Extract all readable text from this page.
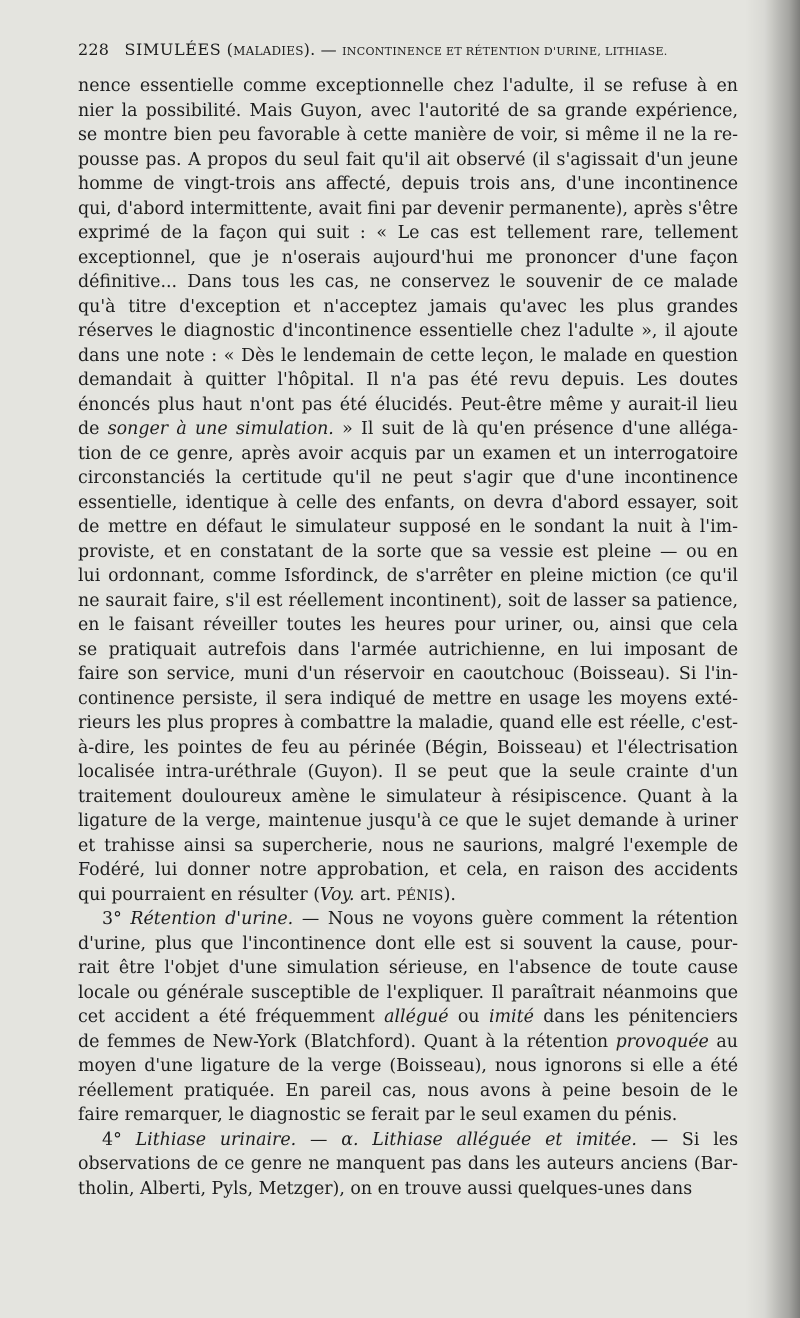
228 SIMULÉES (MALADIES). — INCONTINENCE ET RÉTENTION D'URINE, LITHIASE.
nence essentielle comme exceptionnelle chez l'adulte, il se refuse à en
nier la possibilité. Mais Guyon, avec l'autorité de sa grande expérience,
se montre bien peu favorable à cette manière de voir, si même il ne la re-
pousse pas. A propos du seul fait qu'il ait observé (il s'agissait d'un jeune
homme de vingt-trois ans affecté, depuis trois ans, d'une incontinence
qui, d'abord intermittente, avait fini par devenir permanente), après s'être
exprimé de la façon qui suit : « Le cas est tellement rare, tellement
exceptionnel, que je n'oserais aujourd'hui me prononcer d'une façon
définitive... Dans tous les cas, ne conservez le souvenir de ce malade
qu'à titre d'exception et n'acceptez jamais qu'avec les plus grandes
réserves le diagnostic d'incontinence essentielle chez l'adulte », il ajoute
dans une note : « Dès le lendemain de cette leçon, le malade en question
demandait à quitter l'hôpital. Il n'a pas été revu depuis. Les doutes
énoncés plus haut n'ont pas été élucidés. Peut-être même y aurait-il lieu
de songer à une simulation. » Il suit de là qu'en présence d'une alléga-
tion de ce genre, après avoir acquis par un examen et un interrogatoire
circonstanciés la certitude qu'il ne peut s'agir que d'une incontinence
essentielle, identique à celle des enfants, on devra d'abord essayer, soit
de mettre en défaut le simulateur supposé en le sondant la nuit à l'im-
proviste, et en constatant de la sorte que sa vessie est pleine — ou en
lui ordonnant, comme Isfordinck, de s'arrêter en pleine miction (ce qu'il
ne saurait faire, s'il est réellement incontinent), soit de lasser sa patience,
en le faisant réveiller toutes les heures pour uriner, ou, ainsi que cela
se pratiquait autrefois dans l'armée autrichienne, en lui imposant de
faire son service, muni d'un réservoir en caoutchouc (Boisseau). Si l'in-
continence persiste, il sera indiqué de mettre en usage les moyens exté-
rieurs les plus propres à combattre la maladie, quand elle est réelle, c'est-
à-dire, les pointes de feu au périnée (Bégin, Boisseau) et l'électrisation
localisée intra-uréthrale (Guyon). Il se peut que la seule crainte d'un
traitement douloureux amène le simulateur à résipiscence. Quant à la
ligature de la verge, maintenue jusqu'à ce que le sujet demande à uriner
et trahisse ainsi sa supercherie, nous ne saurions, malgré l'exemple de
Fodéré, lui donner notre approbation, et cela, en raison des accidents
qui pourraient en résulter (Voy. art. PÉNIS).
3° Rétention d'urine. — Nous ne voyons guère comment la rétention
d'urine, plus que l'incontinence dont elle est si souvent la cause, pour-
rait être l'objet d'une simulation sérieuse, en l'absence de toute cause
locale ou générale susceptible de l'expliquer. Il paraîtrait néanmoins que
cet accident a été fréquemment allégué ou imité dans les pénitenciers
de femmes de New-York (Blatchford). Quant à la rétention provoquée au
moyen d'une ligature de la verge (Boisseau), nous ignorons si elle a été
réellement pratiquée. En pareil cas, nous avons à peine besoin de le
faire remarquer, le diagnostic se ferait par le seul examen du pénis.
4° Lithiase urinaire. — α. Lithiase alléguée et imitée. — Si les
observations de ce genre ne manquent pas dans les auteurs anciens (Bar-
tholin, Alberti, Pyls, Metzger), on en trouve aussi quelques-unes dans
